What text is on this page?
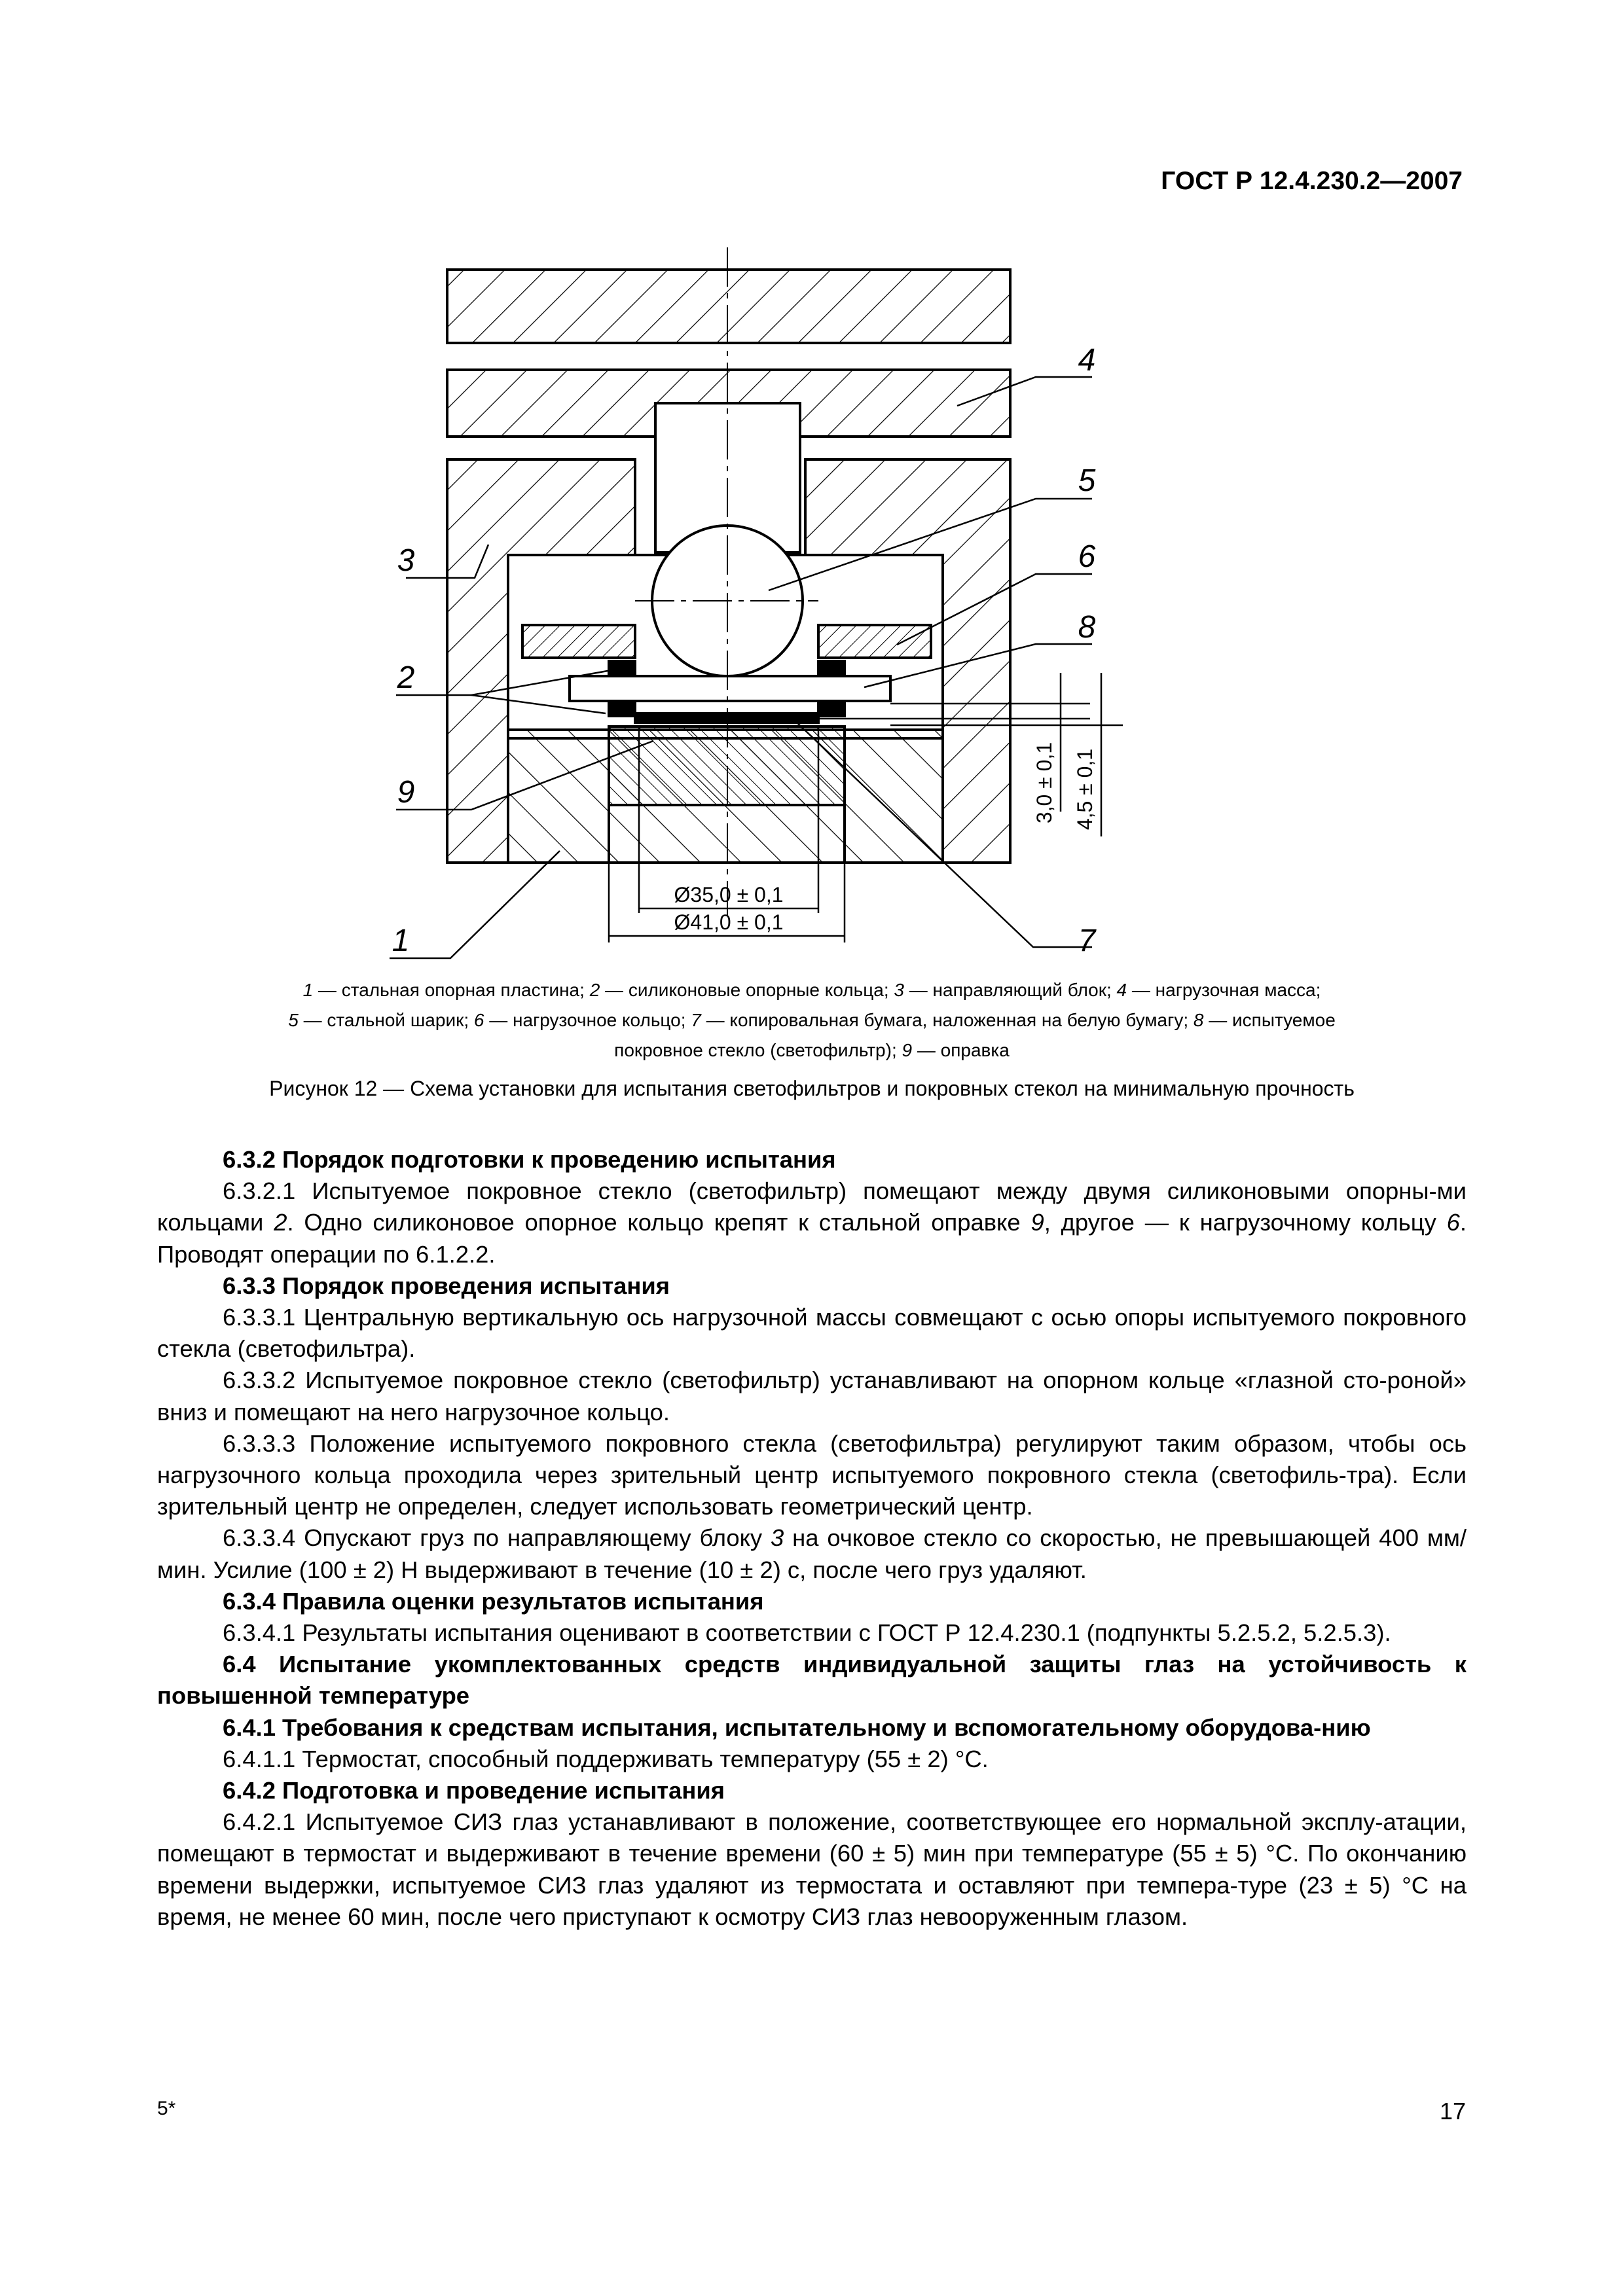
ГОСТ Р 12.4.230.2—2007
4
5
6
8
3
2
9
1	7
Ø35,0 ± 0,1
Ø41,0 ± 0,1
3,0 ± 0,1 4,5 ± 0,1
1 — стальная опорная пластина; 2 — силиконовые опорные кольца; 3 — направляющий блок; 4 — нагрузочная масса;
5 — стальной шарик; 6 — нагрузочное кольцо; 7 — копировальная бумага, наложенная на белую бумагу; 8 — испытуемое
покровное стекло (светофильтр); 9 — оправка
Рисунок 12 — Схема установки для испытания светофильтров и покровных стекол на минимальную прочность

6.3.2 Порядок подготовки к проведению испытания

6.3.2.1 Испытуемое покровное стекло (светофильтр) помещают между двумя силиконовыми опорны-ми кольцами 2. Одно силиконовое опорное кольцо крепят к стальной оправке 9, другое — к нагрузочному кольцу 6. Проводят операции по 6.1.2.2.

6.3.3 Порядок проведения испытания

6.3.3.1 Центральную вертикальную ось нагрузочной массы совмещают с осью опоры испытуемого покровного стекла (светофильтра).

6.3.3.2 Испытуемое покровное стекло (светофильтр) устанавливают на опорном кольце «глазной сто-роной» вниз и помещают на него нагрузочное кольцо.

6.3.3.3 Положение испытуемого покровного стекла (светофильтра) регулируют таким образом, чтобы ось нагрузочного кольца проходила через зрительный центр испытуемого покровного стекла (светофиль-тра). Если зрительный центр не определен, следует использовать геометрический центр.

6.3.3.4 Опускают груз по направляющему блоку 3 на очковое стекло со скоростью, не превышающей 400 мм/мин. Усилие (100 ± 2) Н выдерживают в течение (10 ± 2) с, после чего груз удаляют.

6.3.4 Правила оценки результатов испытания

6.3.4.1 Результаты испытания оценивают в соответствии с ГОСТ Р 12.4.230.1 (подпункты 5.2.5.2, 5.2.5.3).

6.4 Испытание укомплектованных средств индивидуальной защиты глаз на устойчивость к повышенной температуре

6.4.1 Требования к средствам испытания, испытательному и вспомогательному оборудова-нию

6.4.1.1 Термостат, способный поддерживать температуру (55 ± 2) °С.

6.4.2 Подготовка и проведение испытания

6.4.2.1 Испытуемое СИЗ глаз устанавливают в положение, соответствующее его нормальной эксплу-атации, помещают в термостат и выдерживают в течение времени (60 ± 5) мин при температуре (55 ± 5) °С. По окончанию времени выдержки, испытуемое СИЗ глаз удаляют из термостата и оставляют при темпера-туре (23 ± 5) °С на время, не менее 60 мин, после чего приступают к осмотру СИЗ глаз невооруженным глазом.

5*	17
